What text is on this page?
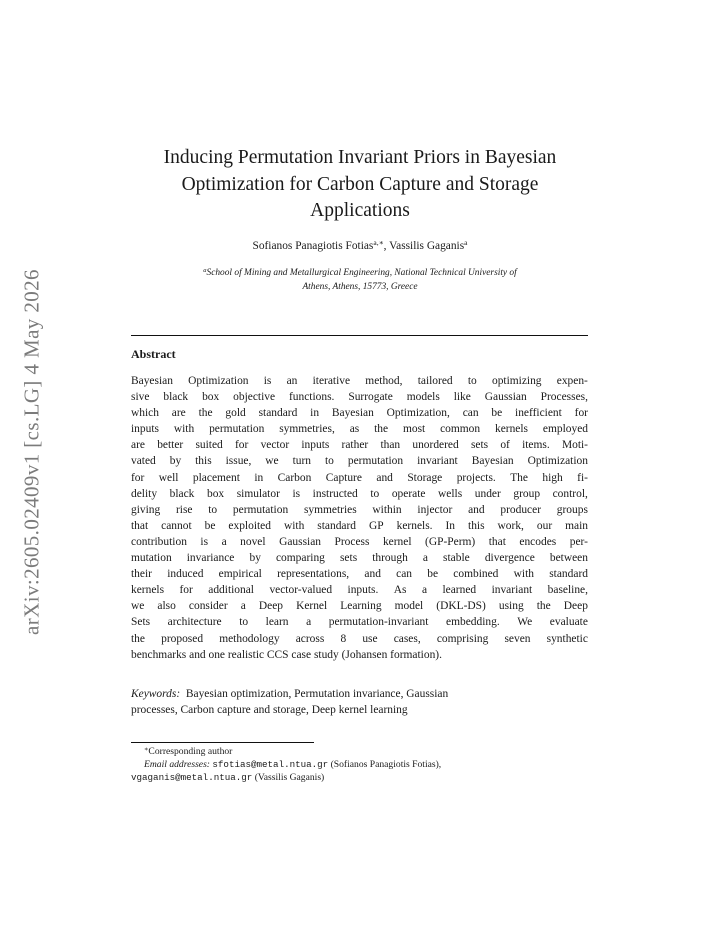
arXiv:2605.02409v1 [cs.LG] 4 May 2026
Inducing Permutation Invariant Priors in Bayesian
Optimization for Carbon Capture and Storage
Applications
Sofianos Panagiotis Fotias$^{a,∗}$, Vassilis Gaganis$^a$
$^a$School of Mining and Metallurgical Engineering, National Technical University of
Athens, Athens, 15773, Greece
Abstract
Bayesian Optimization is an iterative method, tailored to optimizing expen-
sive black box objective functions. Surrogate models like Gaussian Processes,
which are the gold standard in Bayesian Optimization, can be inefficient for
inputs with permutation symmetries, as the most common kernels employed
are better suited for vector inputs rather than unordered sets of items. Moti-
vated by this issue, we turn to permutation invariant Bayesian Optimization
for well placement in Carbon Capture and Storage projects. The high fi-
delity black box simulator is instructed to operate wells under group control,
giving rise to permutation symmetries within injector and producer groups
that cannot be exploited with standard GP kernels. In this work, our main
contribution is a novel Gaussian Process kernel (GP-Perm) that encodes per-
mutation invariance by comparing sets through a stable divergence between
their induced empirical representations, and can be combined with standard
kernels for additional vector-valued inputs. As a learned invariant baseline,
we also consider a Deep Kernel Learning model (DKL-DS) using the Deep
Sets architecture to learn a permutation-invariant embedding. We evaluate
the proposed methodology across 8 use cases, comprising seven synthetic
benchmarks and one realistic CCS case study (Johansen formation).
Keywords: Bayesian optimization, Permutation invariance, Gaussian
processes, Carbon capture and storage, Deep kernel learning
∗Corresponding author
Email addresses: sfotias@metal.ntua.gr (Sofianos Panagiotis Fotias),
vgaganis@metal.ntua.gr (Vassilis Gaganis)
